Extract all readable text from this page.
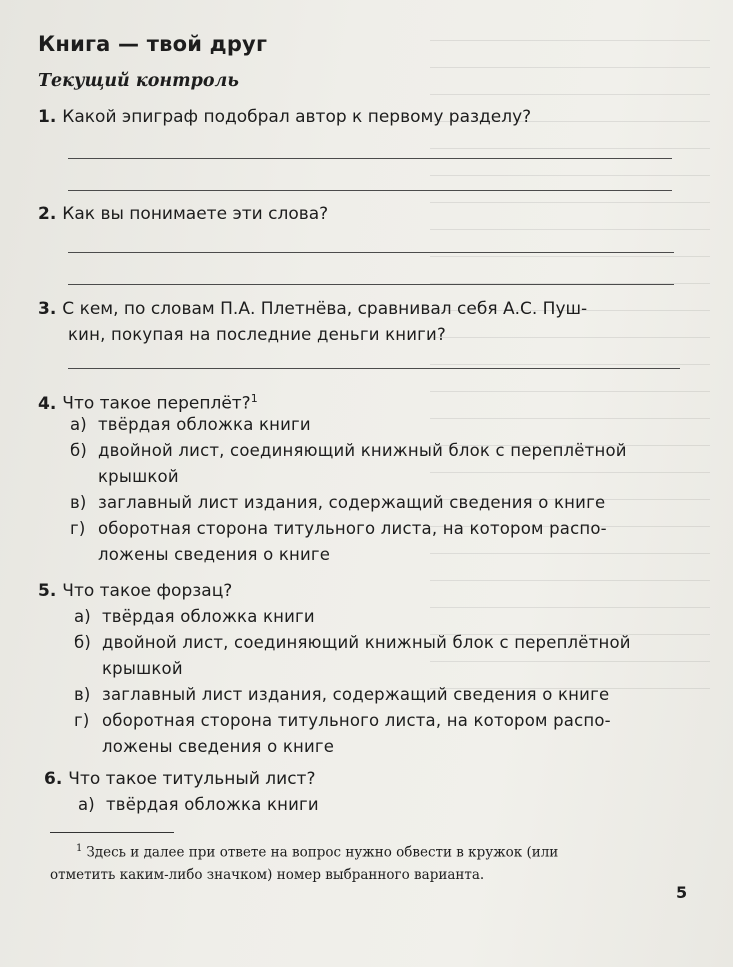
Книга — твой друг
Текущий контроль
1. Какой эпиграф подобрал автор к первому разделу?
2. Как вы понимаете эти слова?
3. С кем, по словам П.А. Плетнёва, сравнивал себя А.С. Пуш-
кин, покупая на последние деньги книги?
4. Что такое переплёт?$^1$
а) твёрдая обложка книги
б) двойной лист, соединяющий книжный блок с переплётной
крышкой
в) заглавный лист издания, содержащий сведения о книге
г) оборотная сторона титульного листа, на котором распо-
ложены сведения о книге
5. Что такое форзац?
а) твёрдая обложка книги
б) двойной лист, соединяющий книжный блок с переплётной
крышкой
в) заглавный лист издания, содержащий сведения о книге
г) оборотная сторона титульного листа, на котором распо-
ложены сведения о книге
6. Что такое титульный лист?
а) твёрдая обложка книги
$^1$ Здесь и далее при ответе на вопрос нужно обвести в кружок (или
отметить каким-либо значком) номер выбранного варианта.
5
